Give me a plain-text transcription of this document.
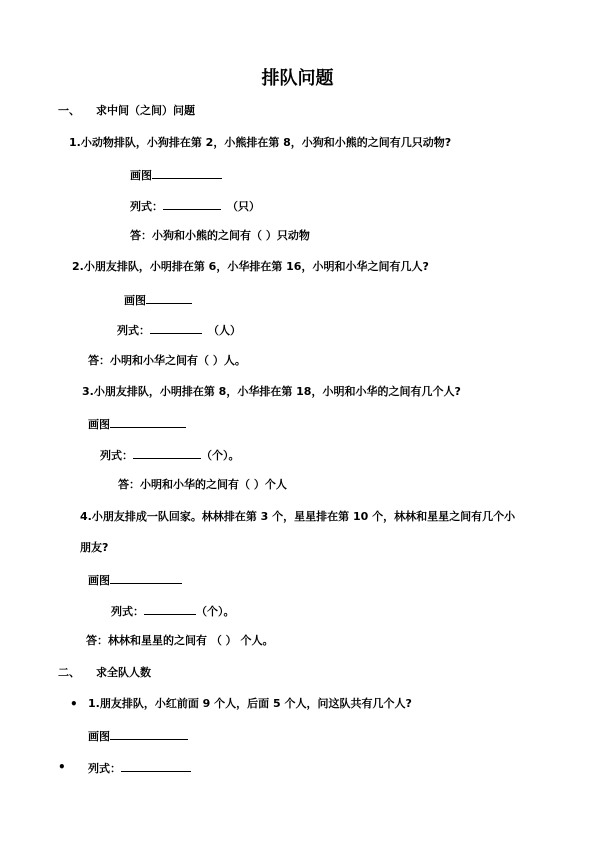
排队问题
一、 求中间（之间）问题
1.小动物排队，小狗排在第 2，小熊排在第 8，小狗和小熊的之间有几只动物?
画图
列式：	（只）
答：小狗和小熊的之间有（ ）只动物
2.小朋友排队，小明排在第 6，小华排在第 16，小明和小华之间有几人?
画图
列式：	（人）
答：小明和小华之间有（ ）人。
3.小朋友排队，小明排在第 8，小华排在第 18，小明和小华的之间有几个人?
画图
列式：	（个）。
答：小明和小华的之间有（ ）个人
4.小朋友排成一队回家。林林排在第 3 个，星星排在第 10 个，林林和星星之间有几个小
朋友?
画图
列式：	（个）。
答：林林和星星的之间有 （ ） 个人。
二、 求全队人数
• 1.朋友排队，小红前面 9 个人，后面 5 个人，问这队共有几个人?
画图
• 列式：
